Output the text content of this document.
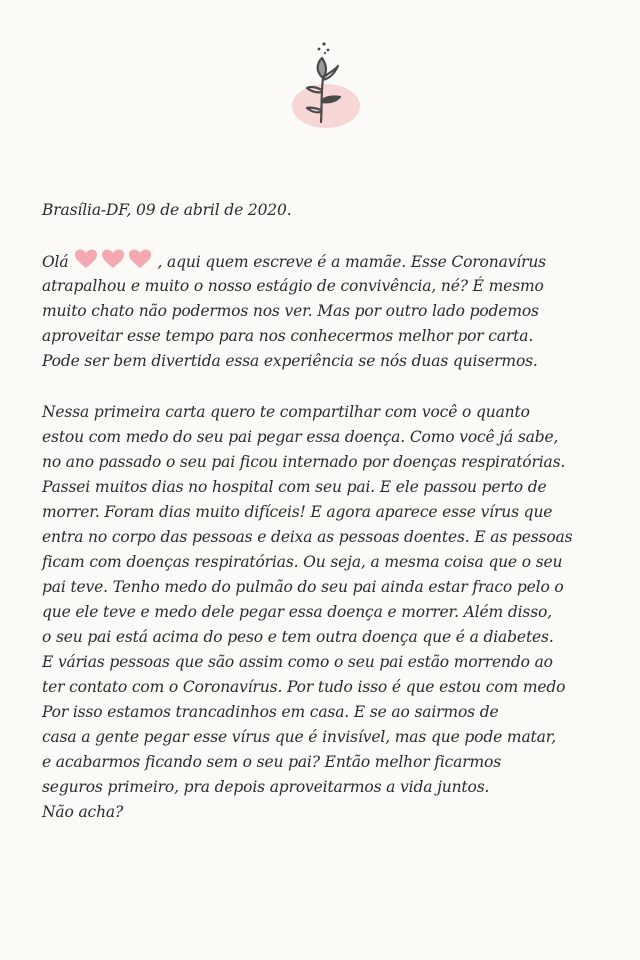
Brasília-DF, 09 de abril de 2020.
Olá	, aqui quem escreve é a mamãe. Esse Coronavírus
atrapalhou e muito o nosso estágio de convivência, né? É mesmo
muito chato não podermos nos ver. Mas por outro lado podemos
aproveitar esse tempo para nos conhecermos melhor por carta.
Pode ser bem divertida essa experiência se nós duas quisermos.
Nessa primeira carta quero te compartilhar com você o quanto
estou com medo do seu pai pegar essa doença. Como você já sabe,
no ano passado o seu pai ficou internado por doenças respiratórias.
Passei muitos dias no hospital com seu pai. E ele passou perto de
morrer. Foram dias muito difíceis! E agora aparece esse vírus que
entra no corpo das pessoas e deixa as pessoas doentes. E as pessoas
ficam com doenças respiratórias. Ou seja, a mesma coisa que o seu
pai teve. Tenho medo do pulmão do seu pai ainda estar fraco pelo o
que ele teve e medo dele pegar essa doença e morrer. Além disso,
o seu pai está acima do peso e tem outra doença que é a diabetes.
E várias pessoas que são assim como o seu pai estão morrendo ao
ter contato com o Coronavírus. Por tudo isso é que estou com medo
Por isso estamos trancadinhos em casa. E se ao sairmos de
casa a gente pegar esse vírus que é invisível, mas que pode matar,
e acabarmos ficando sem o seu pai? Então melhor ficarmos
seguros primeiro, pra depois aproveitarmos a vida juntos.
Não acha?
